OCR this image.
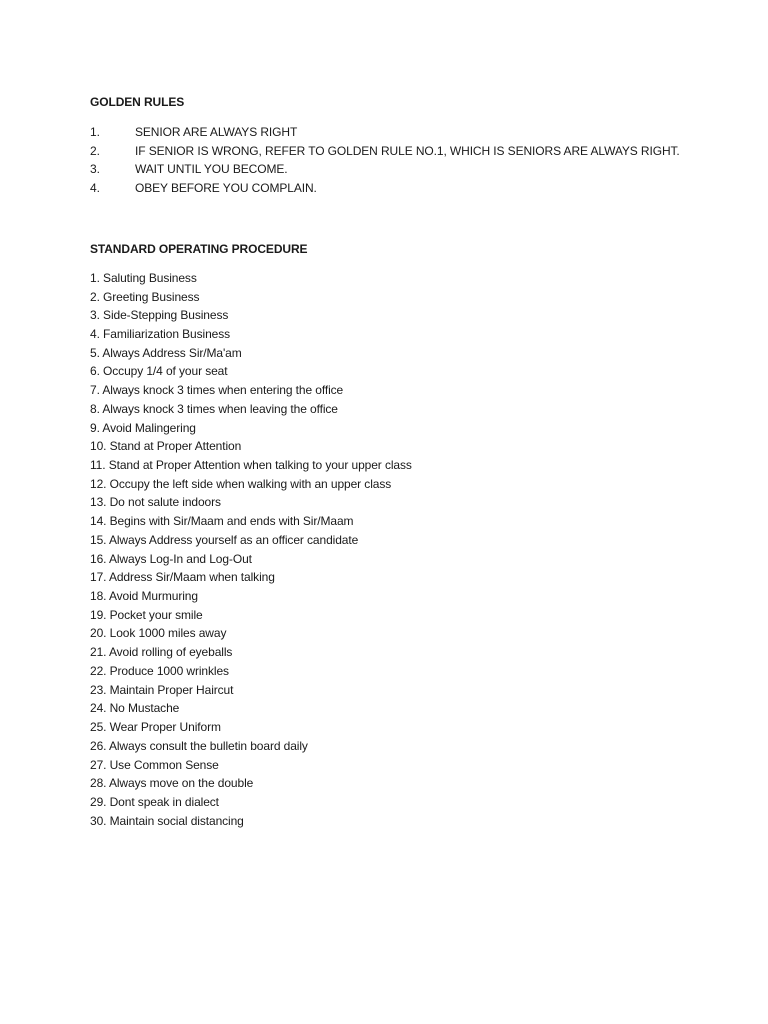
GOLDEN RULES
1.	SENIOR ARE ALWAYS RIGHT
2.	IF SENIOR IS WRONG, REFER TO GOLDEN RULE NO.1, WHICH IS SENIORS ARE ALWAYS RIGHT.
3.	WAIT UNTIL YOU BECOME.
4.	OBEY BEFORE YOU COMPLAIN.
STANDARD OPERATING PROCEDURE
1. Saluting Business
2. Greeting Business
3. Side-Stepping Business
4. Familiarization Business
5. Always Address Sir/Ma'am
6. Occupy 1/4 of your seat
7. Always knock 3 times when entering the office
8. Always knock 3 times when leaving the office
9. Avoid Malingering
10. Stand at Proper Attention
11. Stand at Proper Attention when talking to your upper class
12. Occupy the left side when walking with an upper class
13. Do not salute indoors
14. Begins with Sir/Maam and ends with Sir/Maam
15. Always Address yourself as an officer candidate
16. Always Log-In and Log-Out
17. Address Sir/Maam when talking
18. Avoid Murmuring
19. Pocket your smile
20. Look 1000 miles away
21. Avoid rolling of eyeballs
22. Produce 1000 wrinkles
23. Maintain Proper Haircut
24. No Mustache
25. Wear Proper Uniform
26. Always consult the bulletin board daily
27. Use Common Sense
28. Always move on the double
29. Dont speak in dialect
30. Maintain social distancing
